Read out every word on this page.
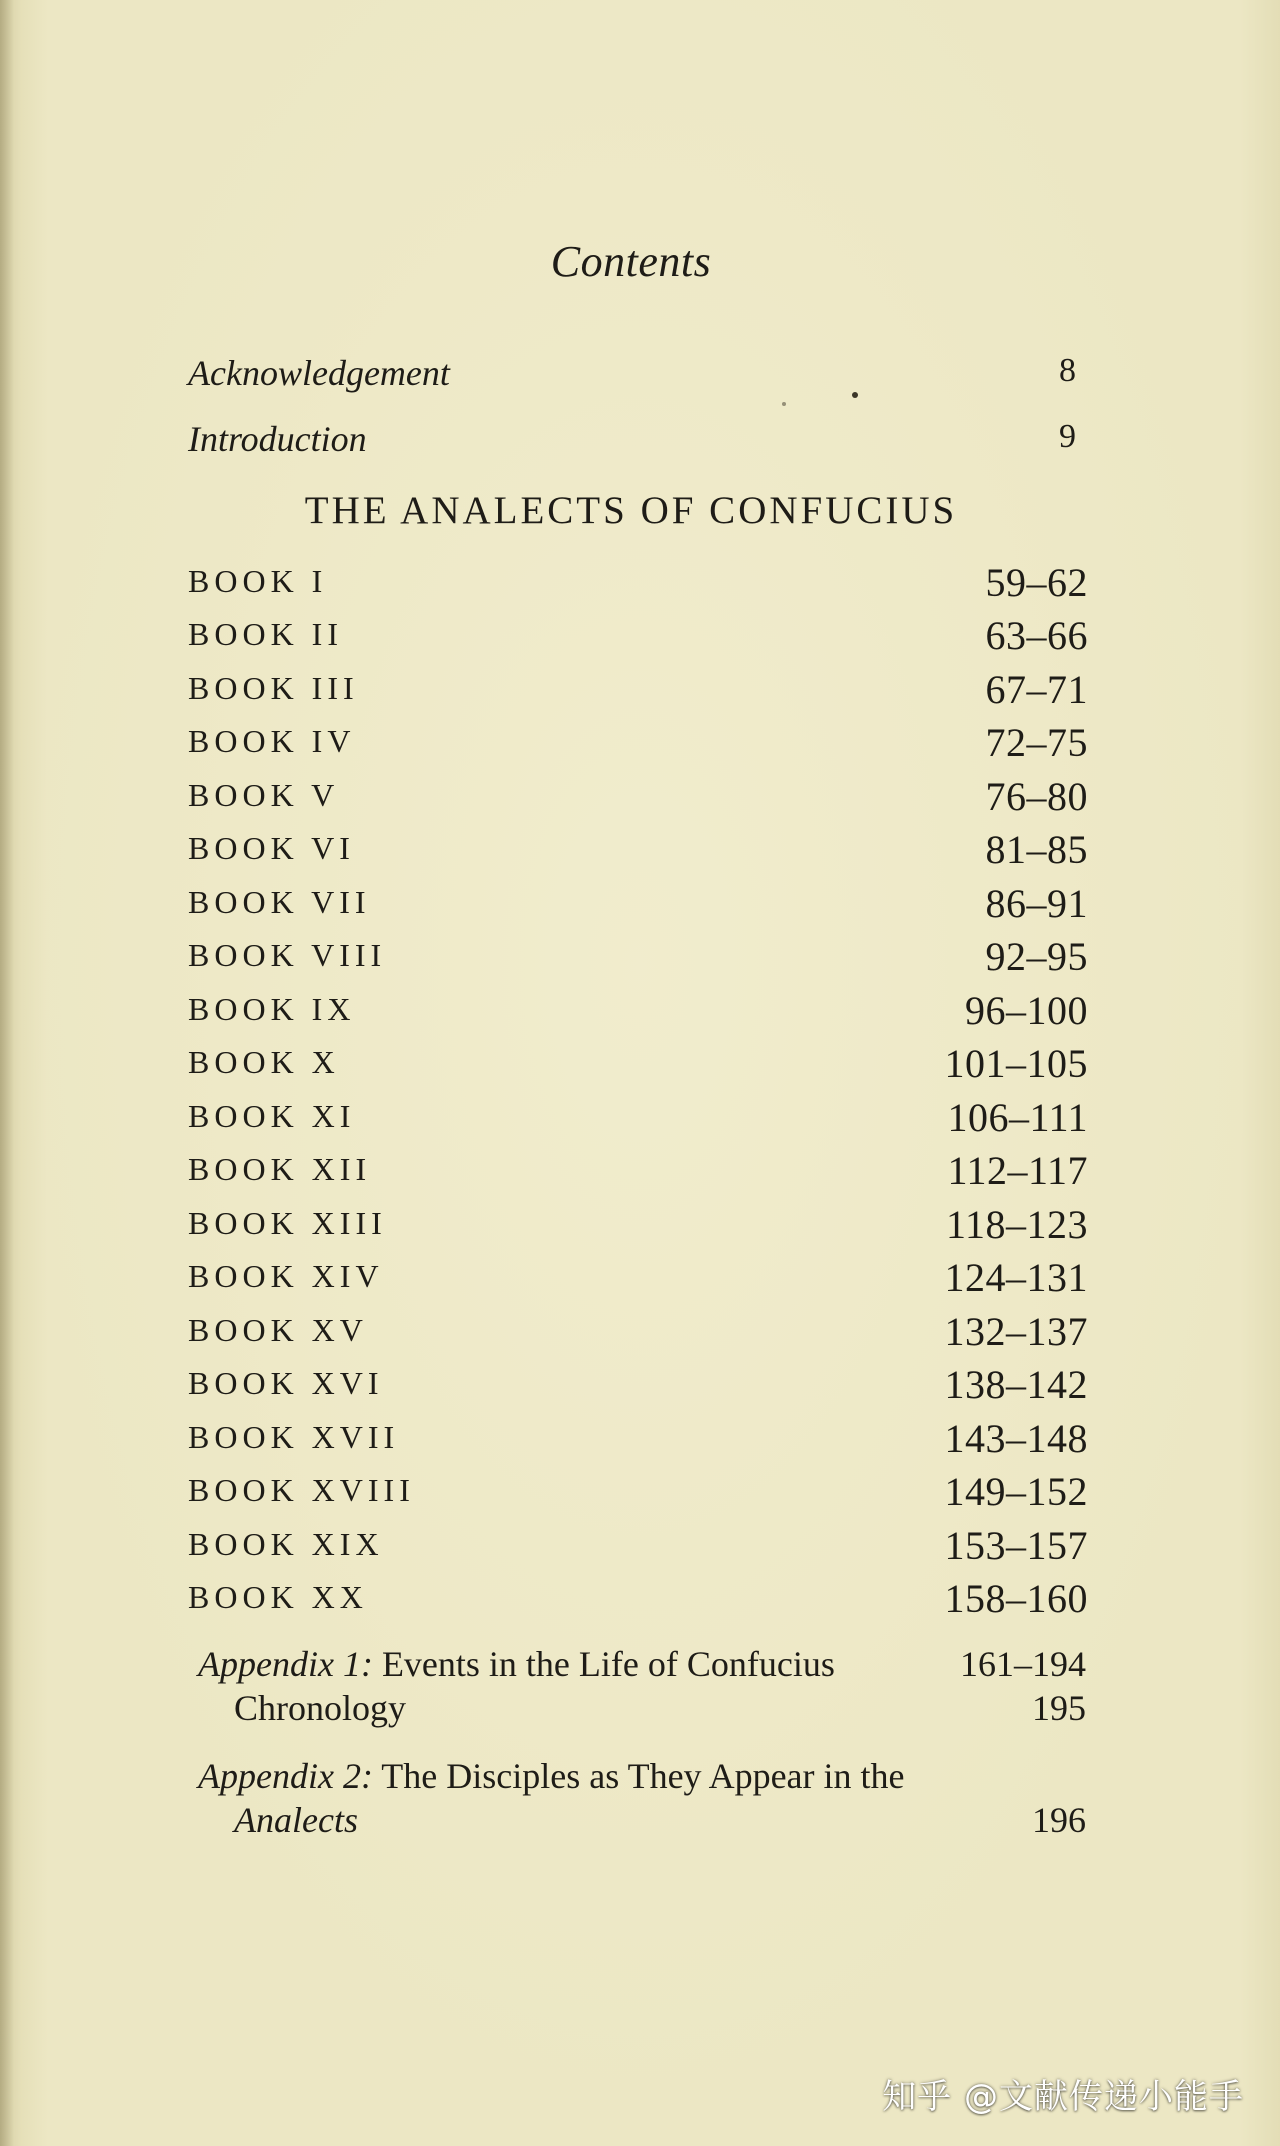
Contents
Acknowledgement	8
Introduction	9
THE ANALECTS OF CONFUCIUS
BOOK I	59–62
BOOK II	63–66
BOOK III	67–71
BOOK IV	72–75
BOOK V	76–80
BOOK VI	81–85
BOOK VII	86–91
BOOK VIII	92–95
BOOK IX	96–100
BOOK X	101–105
BOOK XI	106–111
BOOK XII	112–117
BOOK XIII	118–123
BOOK XIV	124–131
BOOK XV	132–137
BOOK XVI	138–142
BOOK XVII	143–148
BOOK XVIII	149–152
BOOK XIX	153–157
BOOK XX	158–160
Appendix 1: Events in the Life of Confucius	161–194
Chronology	195
Appendix 2: The Disciples as They Appear in the
Analects	196
知乎 @文献传递小能手
